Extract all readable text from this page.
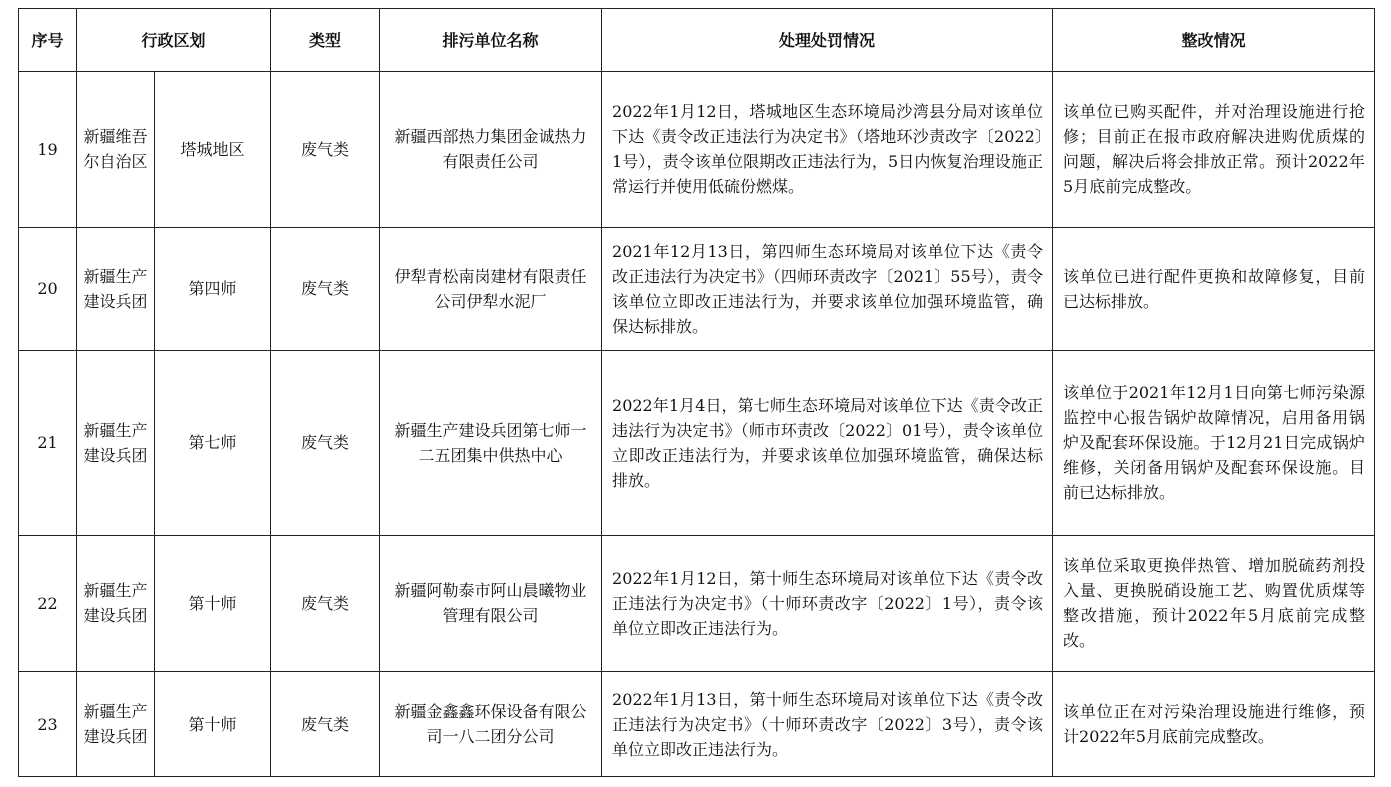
序号	行政区划		类型	排污单位名称	处理处罚情况	整改情况
19	新疆维吾尔自治区	塔城地区	废气类	新疆西部热力集团金诚热力有限责任公司	2022年1月12日，塔城地区生态环境局沙湾县分局对该单位下达《责令改正违法行为决定书》（塔地环沙责改字〔2022〕1号），责令该单位限期改正违法行为，5日内恢复治理设施正常运行并使用低硫份燃煤。	该单位已购买配件，并对治理设施进行抢修；目前正在报市政府解决进购优质煤的问题，解决后将会排放正常。预计2022年5月底前完成整改。
20	新疆生产建设兵团	第四师	废气类	伊犁青松南岗建材有限责任公司伊犁水泥厂	2021年12月13日，第四师生态环境局对该单位下达《责令改正违法行为决定书》（四师环责改字〔2021〕55号），责令该单位立即改正违法行为，并要求该单位加强环境监管，确保达标排放。	该单位已进行配件更换和故障修复，目前已达标排放。
21	新疆生产建设兵团	第七师	废气类	新疆生产建设兵团第七师一二五团集中供热中心	2022年1月4日，第七师生态环境局对该单位下达《责令改正违法行为决定书》（师市环责改〔2022〕01号），责令该单位立即改正违法行为，并要求该单位加强环境监管，确保达标排放。	该单位于2021年12月1日向第七师污染源监控中心报告锅炉故障情况，启用备用锅炉及配套环保设施。于12月21日完成锅炉维修，关闭备用锅炉及配套环保设施。目前已达标排放。
22	新疆生产建设兵团	第十师	废气类	新疆阿勒泰市阿山晨曦物业管理有限公司	2022年1月12日，第十师生态环境局对该单位下达《责令改正违法行为决定书》（十师环责改字〔2022〕1号），责令该单位立即改正违法行为。	该单位采取更换伴热管、增加脱硫药剂投入量、更换脱硝设施工艺、购置优质煤等整改措施，预计2022年5月底前完成整改。
23	新疆生产建设兵团	第十师	废气类	新疆金鑫鑫环保设备有限公司一八二团分公司	2022年1月13日，第十师生态环境局对该单位下达《责令改正违法行为决定书》（十师环责改字〔2022〕3号），责令该单位立即改正违法行为。	该单位正在对污染治理设施进行维修，预计2022年5月底前完成整改。
